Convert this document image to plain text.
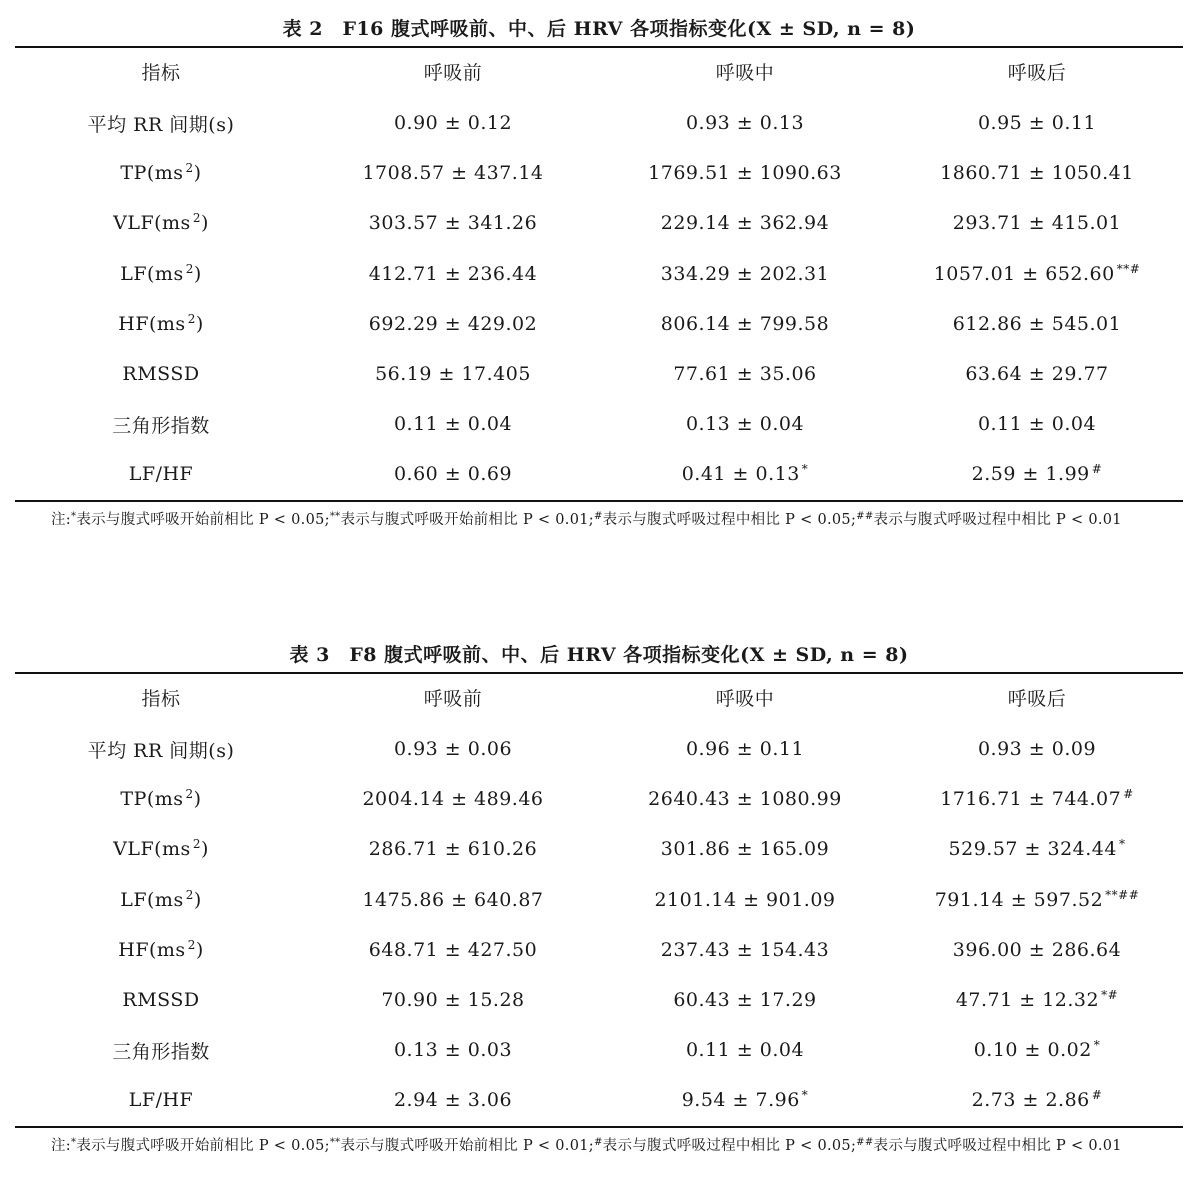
表 2　F16 腹式呼吸前、中、后 HRV 各项指标变化(X ± SD, n = 8)
指标	呼吸前	呼吸中	呼吸后
平均 RR 间期(s)	0.90 ± 0.12	0.93 ± 0.13	0.95 ± 0.11
TP(ms $^2$)	1708.57 ± 437.14	1769.51 ± 1090.63	1860.71 ± 1050.41
VLF(ms $^2$)	303.57 ± 341.26	229.14 ± 362.94	293.71 ± 415.01
LF(ms $^2$)	412.71 ± 236.44	334.29 ± 202.31	1057.01 ± 652.60 **#
HF(ms $^2$)	692.29 ± 429.02	806.14 ± 799.58	612.86 ± 545.01
RMSSD	56.19 ± 17.405	77.61 ± 35.06	63.64 ± 29.77
三角形指数	0.11 ± 0.04	0.13 ± 0.04	0.11 ± 0.04
LF/HF	0.60 ± 0.69	0.41 ± 0.13 *	2.59 ± 1.99 #
注:*表示与腹式呼吸开始前相比 P < 0.05;**表示与腹式呼吸开始前相比 P < 0.01;#表示与腹式呼吸过程中相比 P < 0.05;##表示与腹式呼吸过程中相比 P < 0.01
表 3　F8 腹式呼吸前、中、后 HRV 各项指标变化(X ± SD, n = 8)
指标	呼吸前	呼吸中	呼吸后
平均 RR 间期(s)	0.93 ± 0.06	0.96 ± 0.11	0.93 ± 0.09
TP(ms $^2$)	2004.14 ± 489.46	2640.43 ± 1080.99	1716.71 ± 744.07 #
VLF(ms $^2$)	286.71 ± 610.26	301.86 ± 165.09	529.57 ± 324.44 *
LF(ms $^2$)	1475.86 ± 640.87	2101.14 ± 901.09	791.14 ± 597.52 **##
HF(ms $^2$)	648.71 ± 427.50	237.43 ± 154.43	396.00 ± 286.64
RMSSD	70.90 ± 15.28	60.43 ± 17.29	47.71 ± 12.32 *#
三角形指数	0.13 ± 0.03	0.11 ± 0.04	0.10 ± 0.02 *
LF/HF	2.94 ± 3.06	9.54 ± 7.96 *	2.73 ± 2.86 #
注:*表示与腹式呼吸开始前相比 P < 0.05;**表示与腹式呼吸开始前相比 P < 0.01;#表示与腹式呼吸过程中相比 P < 0.05;##表示与腹式呼吸过程中相比 P < 0.01
